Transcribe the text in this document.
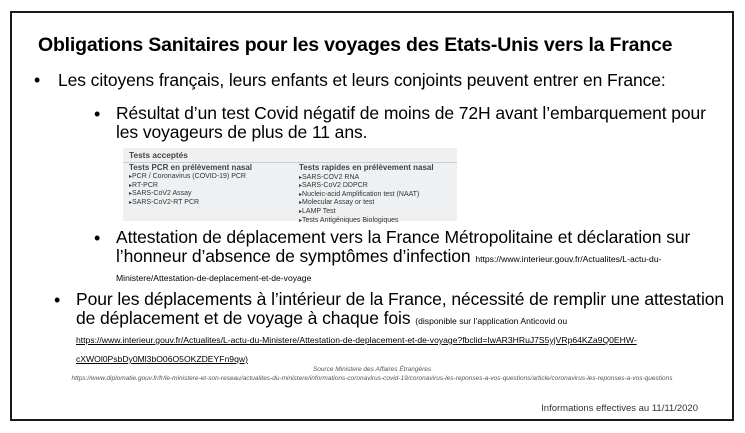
Obligations Sanitaires pour les voyages des Etats-Unis vers la France
• Les citoyens français, leurs enfants et leurs conjoints peuvent entrer en France:
• Résultat d’un test Covid négatif de moins de 72H avant l’embarquement pour les voyageurs de plus de 11 ans.
Tests acceptés
Tests PCR en prélèvement nasal
▸ PCR / Coronavirus (COVID-19) PCR
▸ RT-PCR
▸ SARS-CoV2 Assay
▸ SARS-CoV2-RT PCR
Tests rapides en prélèvement nasal
▸ SARS-COV2 RNA
▸ SARS-CoV2 DDPCR
▸ Nucleic-acid Amplification test (NAAT)
▸ Molecular Assay or test
▸ LAMP Test
▸ Tests Antigéniques Biologiques
• Attestation de déplacement vers la France Métropolitaine et déclaration sur l’honneur d’absence de symptômes d’infection https://www.interieur.gouv.fr/Actualites/L-actu-du-Ministere/Attestation-de-deplacement-et-de-voyage
• Pour les déplacements à l’intérieur de la France, nécessité de remplir une attestation de déplacement et de voyage à chaque fois (disponible sur l’application Anticovid ou https://www.interieur.gouv.fr/Actualites/L-actu-du-Ministere/Attestation-de-deplacement-et-de-voyage?fbclid=IwAR3HRuJ7S5yjVRp64KZa9Q0EHW-cXWOl0PsbDy0Ml3bO06O5OKZDEYFn9qw)
Source Ministere des Affaires Étrangères
https://www.diplomatie.gouv.fr/fr/le-ministere-et-son-reseau/actualites-du-ministere/informations-coronavirus-covid-19/coronavirus-les-reponses-a-vos-questions/article/coronavirus-les-reponses-a-vos-questions
Informations effectives au 11/11/2020
